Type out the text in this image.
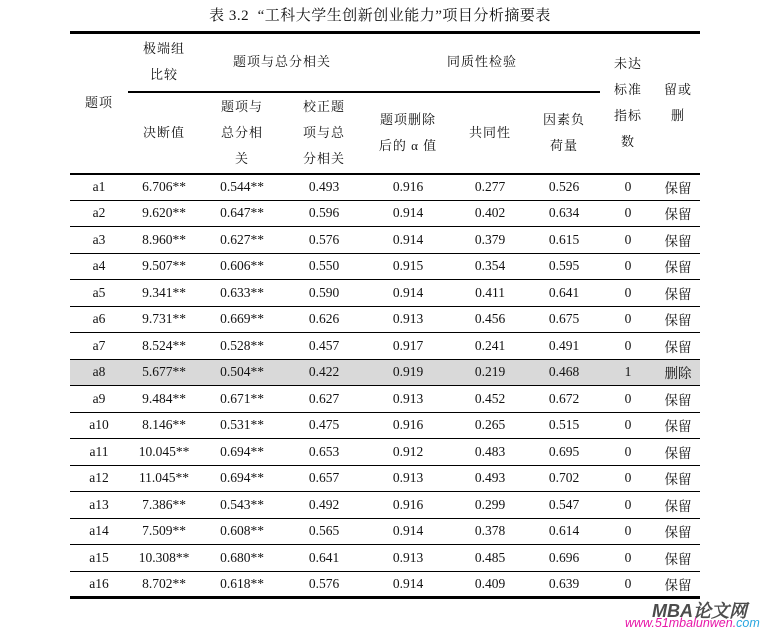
表 3.2  “工科大学生创新创业能力”项目分析摘要表
题项	极端组比较	题项与总分相关		同质性检验			未达标准指标数	留或删
	决断值	题项与总分相关	校正题项与总分相关	题项删除后的 α 值	共同性	因素负荷量		
a1	6.706**	0.544**	0.493	0.916	0.277	0.526	0	保留
a2	9.620**	0.647**	0.596	0.914	0.402	0.634	0	保留
a3	8.960**	0.627**	0.576	0.914	0.379	0.615	0	保留
a4	9.507**	0.606**	0.550	0.915	0.354	0.595	0	保留
a5	9.341**	0.633**	0.590	0.914	0.411	0.641	0	保留
a6	9.731**	0.669**	0.626	0.913	0.456	0.675	0	保留
a7	8.524**	0.528**	0.457	0.917	0.241	0.491	0	保留
a8	5.677**	0.504**	0.422	0.919	0.219	0.468	1	删除
a9	9.484**	0.671**	0.627	0.913	0.452	0.672	0	保留
a10	8.146**	0.531**	0.475	0.916	0.265	0.515	0	保留
a11	10.045**	0.694**	0.653	0.912	0.483	0.695	0	保留
a12	11.045**	0.694**	0.657	0.913	0.493	0.702	0	保留
a13	7.386**	0.543**	0.492	0.916	0.299	0.547	0	保留
a14	7.509**	0.608**	0.565	0.914	0.378	0.614	0	保留
a15	10.308**	0.680**	0.641	0.913	0.485	0.696	0	保留
a16	8.702**	0.618**	0.576	0.914	0.409	0.639	0	保留
MBA论文网
www.51mbalunwen.com
